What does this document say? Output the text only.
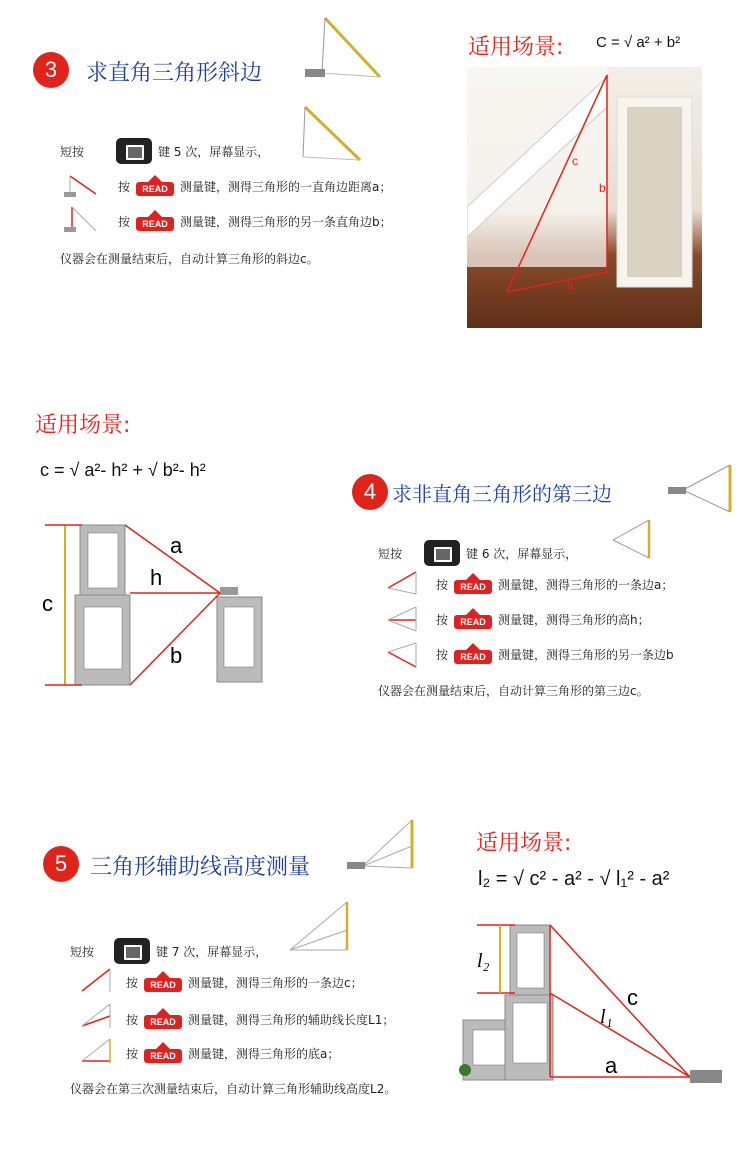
3	求直角三角形斜边
短按	键 5 次，屏幕显示，
按	READ	测量键，测得三角形的一直角边距离a；
按	READ	测量键，测得三角形的另一条直角边b；
仪器会在测量结束后，自动计算三角形的斜边c。
适用场景: C = √ a² + b²
c
b
a
适用场景:
c = √ a²- h² + √ b²- h²
a
h
b
c
4 求非直角三角形的第三边
短按	键 6 次，屏幕显示，
按	READ	测量键，测得三角形的一条边a；
按	READ	测量键，测得三角形的高h；
按	READ	测量键，测得三角形的另一条边b
仪器会在测量结束后，自动计算三角形的第三边c。
5	三角形辅助线高度测量
短按	键 7 次，屏幕显示，
按	READ	测量键，测得三角形的一条边c；
按	READ	测量键，测得三角形的辅助线长度L1；
按	READ	测量键，测得三角形的底a；
仪器会在第三次测量结束后，自动计算三角形辅助线高度L2。
适用场景:
l₂ = √ c² - a² - √ l₁² - a²
l₂
l₁
c
a
